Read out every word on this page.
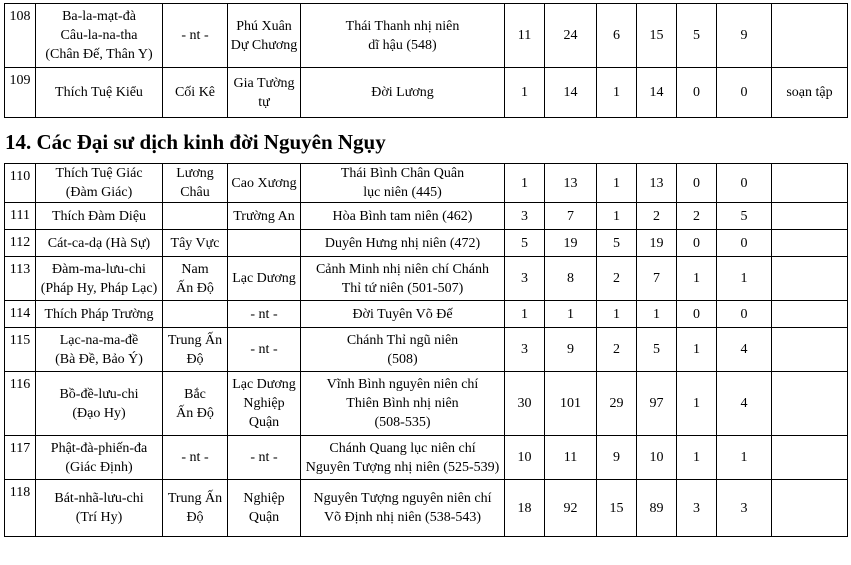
108	Ba-la-mạt-đà
Câu-la-na-tha
(Chân Đế, Thân Y)	- nt -	Phú Xuân
Dự Chương	Thái Thanh nhị niên
dĩ hậu (548)	11	24	6	15	5	9	
109	Thích Tuệ Kiểu	Cối Kê	Gia Tường
tự	Đời Lương	1	14	1	14	0	0	soạn tập
14. Các Đại sư dịch kinh đời Nguyên Ngụy
110	Thích Tuệ Giác
(Đàm Giác)	Lương
Châu	Cao Xương	Thái Bình Chân Quân
lục niên (445)	1	13	1	13	0	0	
111	Thích Đàm Diệu		Trường An	Hòa Bình tam niên (462)	3	7	1	2	2	5	
112	Cát-ca-dạ (Hà Sự)	Tây Vực		Duyên Hưng nhị niên (472)	5	19	5	19	0	0	
113	Đàm-ma-lưu-chi
(Pháp Hy, Pháp Lạc)	Nam
Ấn Độ	Lạc Dương	Cảnh Minh nhị niên chí Chánh
Thỉ tứ niên (501-507)	3	8	2	7	1	1	
114	Thích Pháp Trường		- nt -	Đời Tuyên Võ Đế	1	1	1	1	0	0	
115	Lạc-na-ma-đề
(Bà Đề, Bảo Ý)	Trung Ấn
Độ	- nt -	Chánh Thỉ ngũ niên
(508)	3	9	2	5	1	4	
116	Bồ-đề-lưu-chi
(Đạo Hy)	Bắc
Ấn Độ	Lạc Dương
Nghiệp
Quận	Vĩnh Bình nguyên niên chí
Thiên Bình nhị niên
(508-535)	30	101	29	97	1	4	
117	Phật-đà-phiến-đa
(Giác Định)	- nt -	- nt -	Chánh Quang lục niên chí
Nguyên Tượng nhị niên (525-539)	10	11	9	10	1	1	
118	Bát-nhã-lưu-chi
(Trí Hy)	Trung Ấn
Độ	Nghiệp
Quận	Nguyên Tượng nguyên niên chí
Võ Định nhị niên (538-543)	18	92	15	89	3	3	
